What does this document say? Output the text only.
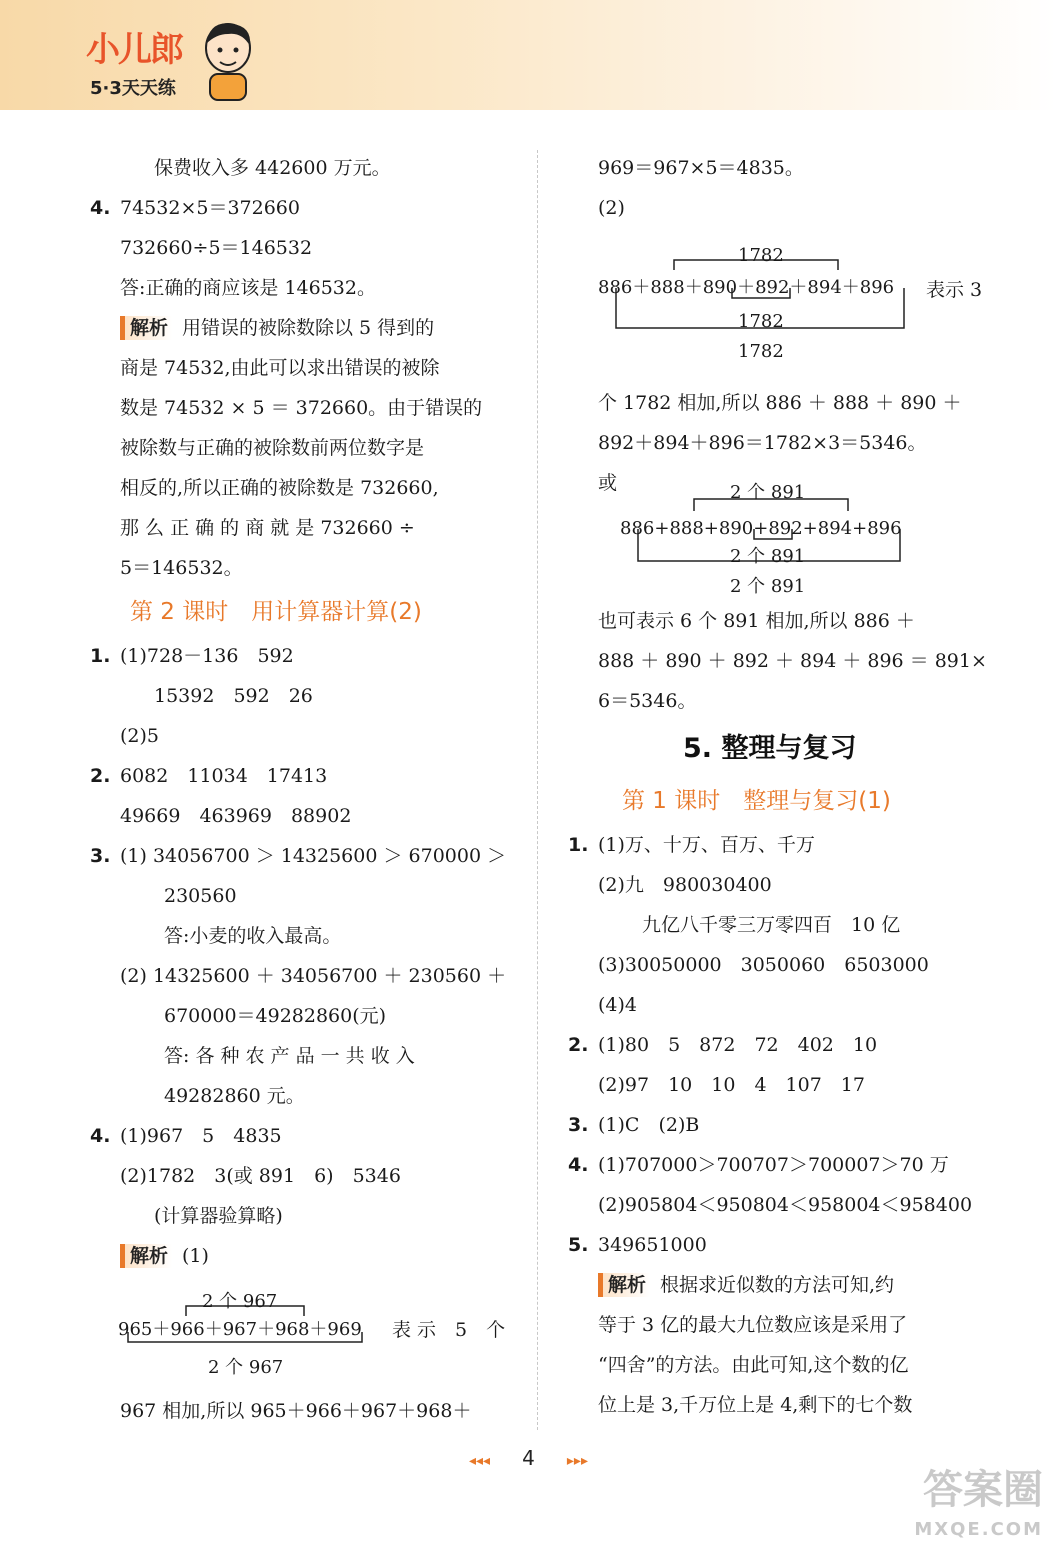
小儿郎
5·3天天练
保费收入多 442600 万元。
4. 74532×5＝372660
732660÷5＝146532
答:正确的商应该是 146532。
解析 用错误的被除数除以 5 得到的
商是 74532,由此可以求出错误的被除
数是 74532 × 5 ＝ 372660。由于错误的
被除数与正确的被除数前两位数字是
相反的,所以正确的被除数是 732660,
那 么 正 确 的 商 就 是 732660 ÷
5＝146532。
第 2 课时　用计算器计算(2)
1. (1)728－136　592
15392　592　26
(2)5
2. 6082　11034　17413
49669　463969　88902
3. (1) 34056700 ＞ 14325600 ＞ 670000 ＞
230560
答:小麦的收入最高。
(2) 14325600 ＋ 34056700 ＋ 230560 ＋
670000＝49282860(元)
答: 各 种 农 产 品 一 共 收 入
49282860 元。
4. (1)967　5　4835
(2)1782　3(或 891　6)　5346
(计算器验算略)
解析 (1)
2 个 967
965＋966＋967＋968＋969 表 示　5　个
2 个 967
967 相加,所以 965＋966＋967＋968＋
969＝967×5＝4835。
(2)
1782
886＋888＋890＋892＋894＋896 表示 3
1782
1782
个 1782 相加,所以 886 ＋ 888 ＋ 890 ＋
892＋894＋896＝1782×3＝5346。
或	2 个 891
886+888+890+892+894+896
2 个 891
2 个 891
也可表示 6 个 891 相加,所以 886 ＋
888 ＋ 890 ＋ 892 ＋ 894 ＋ 896 ＝ 891×
6＝5346。
5. 整理与复习
第 1 课时　整理与复习(1)
1. (1)万、十万、百万、千万
(2)九　980030400
九亿八千零三万零四百　10 亿
(3)30050000　3050060　6503000
(4)4
2. (1)80　5　872　72　402　10
(2)97　10　10　4　107　17
3. (1)C　(2)B
4. (1)707000＞700707＞700007＞70 万
(2)905804＜950804＜958004＜958400
5. 349651000
解析 根据求近似数的方法可知,约
等于 3 亿的最大九位数应该是采用了
“四舍”的方法。由此可知,这个数的亿
位上是 3,千万位上是 4,剩下的七个数
◂◂◂ 4 ▸▸▸
答案圈
MXQE.COM
